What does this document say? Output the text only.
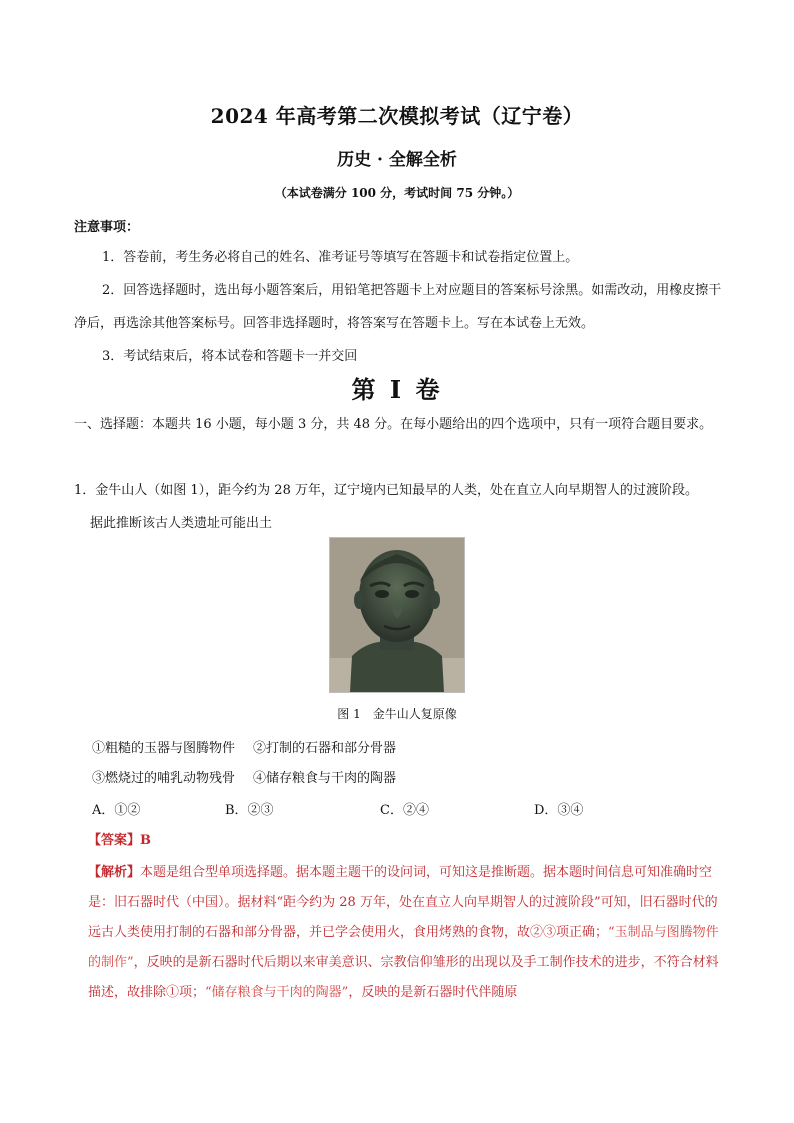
2024 年高考第二次模拟考试（辽宁卷）
历史 · 全解全析
（本试卷满分 100 分，考试时间 75 分钟。）
注意事项：
1．答卷前，考生务必将自己的姓名、准考证号等填写在答题卡和试卷指定位置上。
2．回答选择题时，选出每小题答案后，用铅笔把答题卡上对应题目的答案标号涂黑。如需改动，用橡皮擦干净后，再选涂其他答案标号。回答非选择题时，将答案写在答题卡上。写在本试卷上无效。
3．考试结束后，将本试卷和答题卡一并交回
第 I 卷
一、选择题：本题共 16 小题，每小题 3 分，共 48 分。在每小题给出的四个选项中，只有一项符合题目要求。
1．金牛山人（如图 1），距今约为 28 万年，辽宁境内已知最早的人类，处在直立人向早期智人的过渡阶段。
据此推断该古人类遗址可能出土
图 1　金牛山人复原像
①粗糙的玉器与图腾物件 ②打制的石器和部分骨器
③燃烧过的哺乳动物残骨 ④储存粮食与干肉的陶器
A．①②	B．②③	C．②④	D．③④
【答案】B
【解析】本题是组合型单项选择题。据本题主题干的设问词，可知这是推断题。据本题时间信息可知准确时空是：旧石器时代（中国）。据材料“距今约为 28 万年，处在直立人向早期智人的过渡阶段”可知，旧石器时代的远古人类使用打制的石器和部分骨器，并已学会使用火，食用烤熟的食物，故②③项正确；“玉制品与图腾物件的制作”，反映的是新石器时代后期以来审美意识、宗教信仰雏形的出现以及手工制作技术的进步，不符合材料描述，故排除①项；“储存粮食与干肉的陶器”，反映的是新石器时代伴随原
